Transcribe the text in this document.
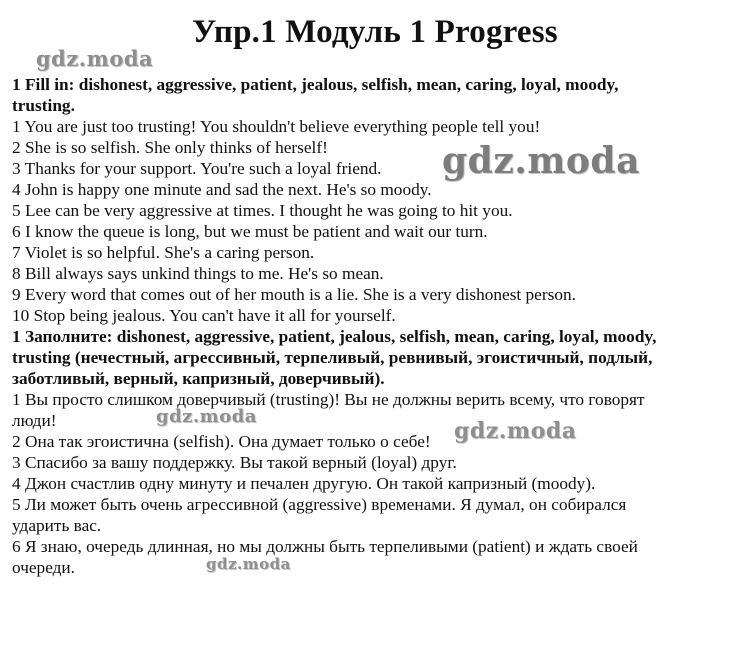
Упр.1 Модуль 1 Progress
1 Fill in: dishonest, aggressive, patient, jealous, selfish, mean, caring, loyal, moody,
trusting.
1 You are just too trusting! You shouldn't believe everything people tell you!
2 She is so selfish. She only thinks of herself!
3 Thanks for your support. You're such a loyal friend.
4 John is happy one minute and sad the next. He's so moody.
5 Lee can be very aggressive at times. I thought he was going to hit you.
6 I know the queue is long, but we must be patient and wait our turn.
7 Violet is so helpful. She's a caring person.
8 Bill always says unkind things to me. He's so mean.
9 Every word that comes out of her mouth is a lie. She is a very dishonest person.
10 Stop being jealous. You can't have it all for yourself.
1 Заполните: dishonest, aggressive, patient, jealous, selfish, mean, caring, loyal, moody,
trusting (нечестный, агрессивный, терпеливый, ревнивый, эгоистичный, подлый,
заботливый, верный, капризный, доверчивый).
1 Вы просто слишком доверчивый (trusting)! Вы не должны верить всему, что говорят
люди!
2 Она так эгоистична (selfish). Она думает только о себе!
3 Спасибо за вашу поддержку. Вы такой верный (loyal) друг.
4 Джон счастлив одну минуту и печален другую. Он такой капризный (moody).
5 Ли может быть очень агрессивной (aggressive) временами. Я думал, он собирался
ударить вас.
6 Я знаю, очередь длинная, но мы должны быть терпеливыми (patient) и ждать своей
очереди.
gdz.moda
gdz.moda
gdz.moda
gdz.moda
gdz.moda
